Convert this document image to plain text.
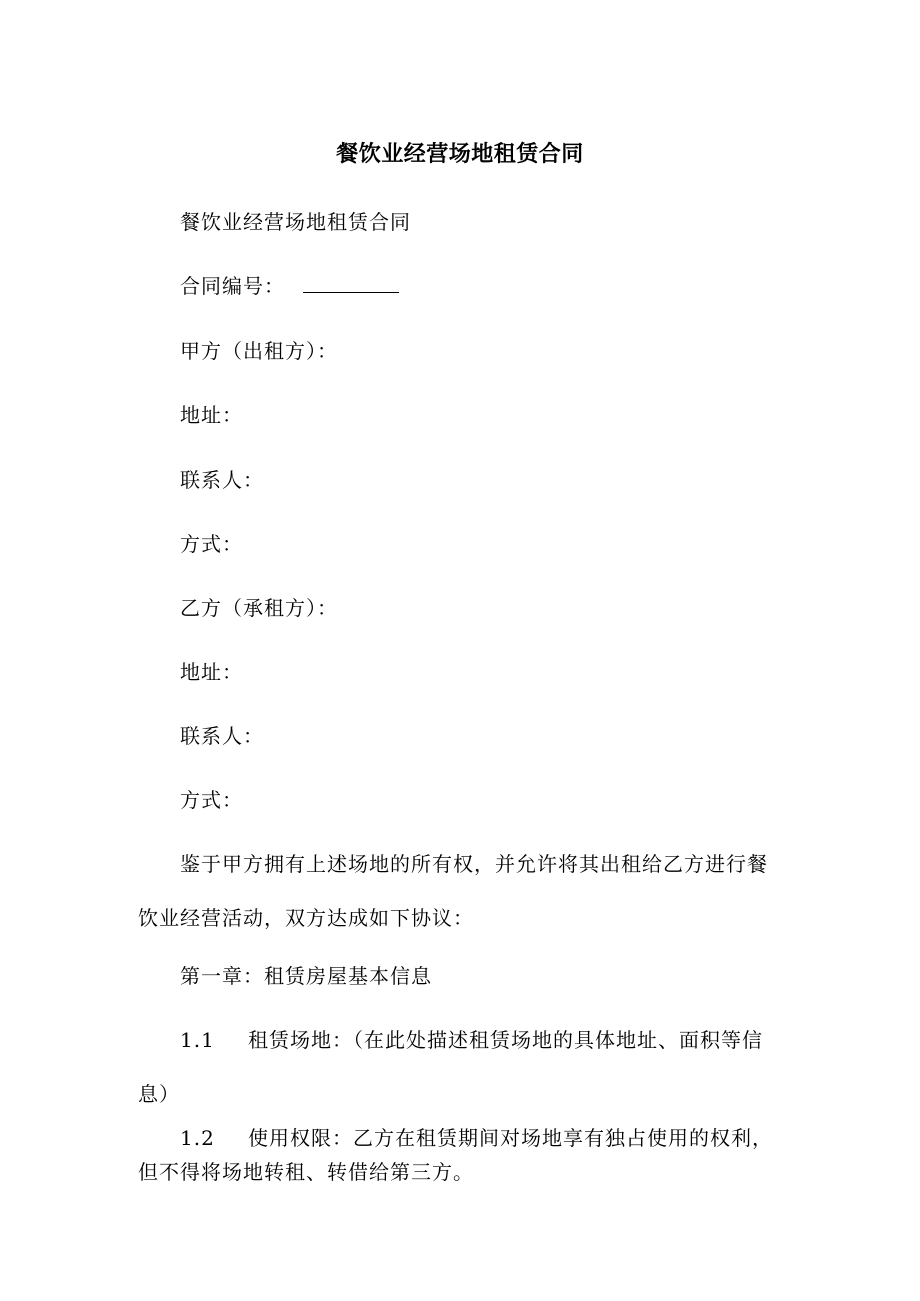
餐饮业经营场地租赁合同
餐饮业经营场地租赁合同
合同编号：
甲方（出租方）：
地址：
联系人：
方式：
乙方（承租方）：
地址：
联系人：
方式：
鉴于甲方拥有上述场地的所有权，并允许将其出租给乙方进行餐
饮业经营活动，双方达成如下协议：
第一章：租赁房屋基本信息
1.1 租赁场地：（在此处描述租赁场地的具体地址、面积等信
息）
1.2 使用权限：乙方在租赁期间对场地享有独占使用的权利，
但不得将场地转租、转借给第三方。
